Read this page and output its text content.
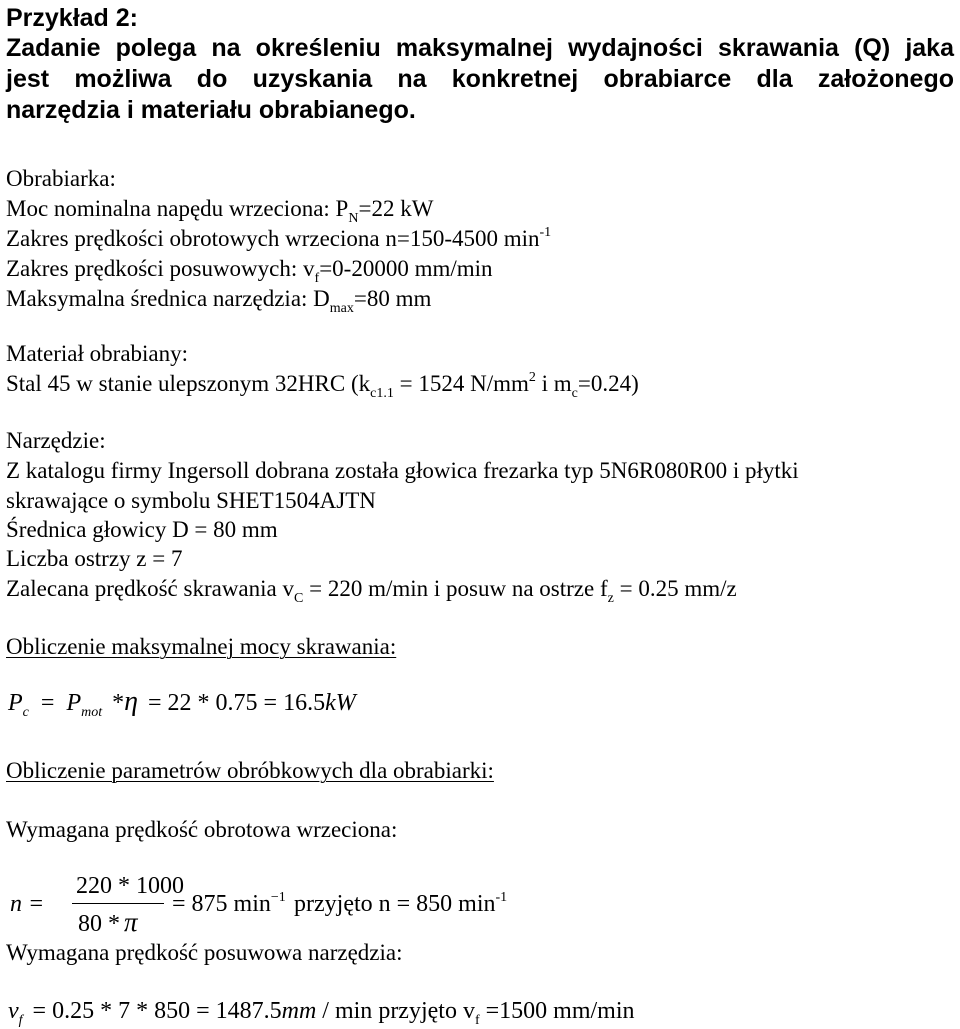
Przykład 2:
Zadanie polega na określeniu maksymalnej wydajności skrawania (Q) jaka
jest możliwa do uzyskania na konkretnej obrabiarce dla założonego
narzędzia i materiału obrabianego.
Obrabiarka:
Moc nominalna napędu wrzeciona: $P_N=22$ kW
Zakres prędkości obrotowych wrzeciona n=150-4500 $\min^{-1}$
Zakres prędkości posuwowych: $v_f=0-20000$ mm/min
Maksymalna średnica narzędzia: $D_{max}=80$ mm
Materiał obrabiany:
Stal 45 w stanie ulepszonym 32HRC ($k_{c1.1} = 1524$ $N/mm^2$ i $m_c=0.24$)
Narzędzie:
Z katalogu firmy Ingersoll dobrana została głowica frezarka typ 5N6R080R00 i płytki
skrawające o symbolu SHET1504AJTN
Średnica głowicy D = 80 mm
Liczba ostrzy z = 7
Zalecana prędkość skrawania $v_C = 220$ m/min i posuw na ostrze $f_z = 0.25$ mm/z
Obliczenie maksymalnej mocy skrawania:
$P_c = P_{mot}$ *η = 22 * 0.75 = 16.5kW
Obliczenie parametrów obróbkowych dla obrabiarki:
Wymagana prędkość obrotowa wrzeciona:
n =
220 * 1000
80 * π
= 875 $\min^{-1}$ przyjęto n = 850 $\min^{-1}$
Wymagana prędkość posuwowa narzędzia:
$v_f = 0.25 * 7 * 850 = 1487.5mm / \min$ przyjęto $v_f =1500$ mm/min
